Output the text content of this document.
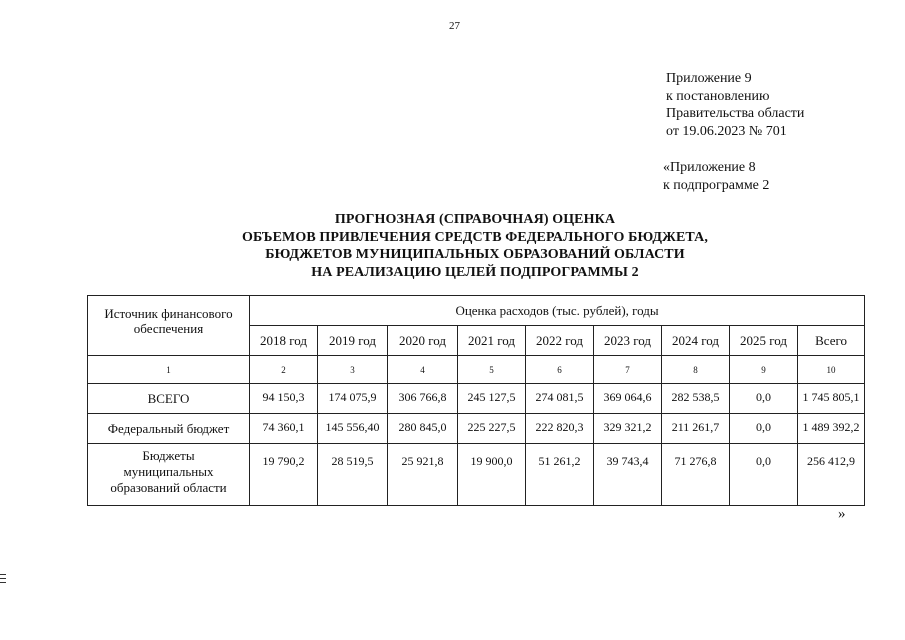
27
Приложение 9
к постановлению
Правительства области
от 19.06.2023 № 701
«Приложение 8
к подпрограмме 2
ПРОГНОЗНАЯ (СПРАВОЧНАЯ) ОЦЕНКА
ОБЪЕМОВ ПРИВЛЕЧЕНИЯ СРЕДСТВ ФЕДЕРАЛЬНОГО БЮДЖЕТА,
БЮДЖЕТОВ МУНИЦИПАЛЬНЫХ ОБРАЗОВАНИЙ ОБЛАСТИ
НА РЕАЛИЗАЦИЮ ЦЕЛЕЙ ПОДПРОГРАММЫ 2
Источник финансового обеспечения	Оценка расходов (тыс. рублей), годы								
	2018 год	2019 год	2020 год	2021 год	2022 год	2023 год	2024 год	2025 год	Всего
1	2	3	4	5	6	7	8	9	10
ВСЕГО	94 150,3	174 075,9	306 766,8	245 127,5	274 081,5	369 064,6	282 538,5	0,0	1 745 805,1
Федеральный бюджет	74 360,1	145 556,40	280 845,0	225 227,5	222 820,3	329 321,2	211 261,7	0,0	1 489 392,2

Бюджеты
муниципальных
образований области	19 790,2	28 519,5	25 921,8	19 900,0	51 261,2	39 743,4	71 276,8	0,0	256 412,9
»
